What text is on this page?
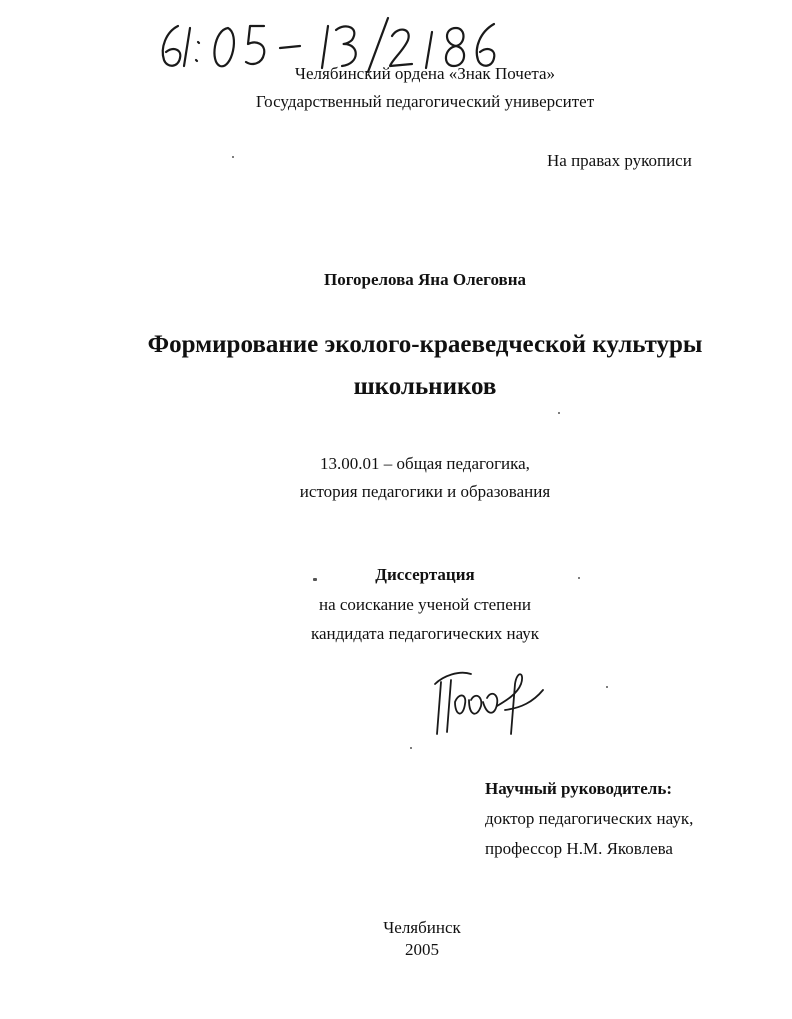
Челябинский ордена «Знак Почета»
Государственный педагогический университет
На правах рукописи
Погорелова Яна Олеговна
Формирование эколого-краеведческой культуры
школьников
13.00.01 – общая педагогика,
история педагогики и образования
Диссертация
на соискание ученой степени
кандидата педагогических наук
Научный руководитель:
доктор педагогических наук,
профессор Н.М. Яковлева
Челябинск
2005
